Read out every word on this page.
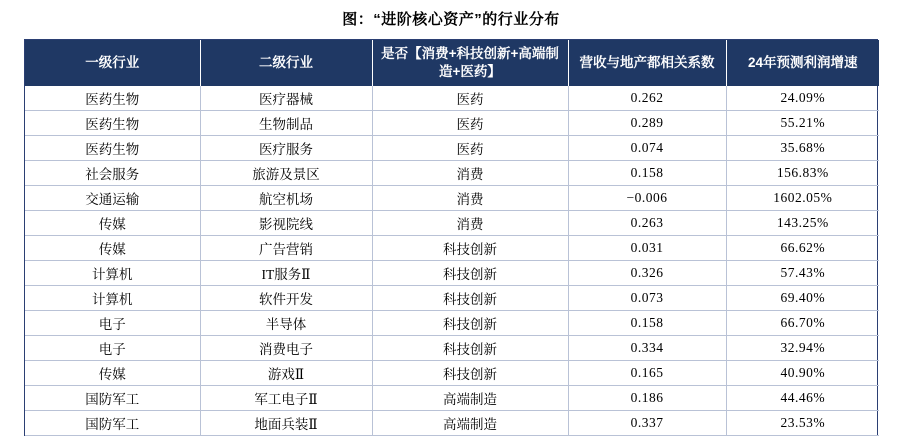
图：“进阶核心资产”的行业分布
一级行业	二级行业	是否【消费+科技创新+高端制造+医药】	营收与地产都相关系数	24年预测利润增速
医药生物	医疗器械	医药	0.262	24.09%
医药生物	生物制品	医药	0.289	55.21%
医药生物	医疗服务	医药	0.074	35.68%
社会服务	旅游及景区	消费	0.158	156.83%
交通运输	航空机场	消费	−0.006	1602.05%
传媒	影视院线	消费	0.263	143.25%
传媒	广告营销	科技创新	0.031	66.62%
计算机	IT服务Ⅱ	科技创新	0.326	57.43%
计算机	软件开发	科技创新	0.073	69.40%
电子	半导体	科技创新	0.158	66.70%
电子	消费电子	科技创新	0.334	32.94%
传媒	游戏Ⅱ	科技创新	0.165	40.90%
国防军工	军工电子Ⅱ	高端制造	0.186	44.46%
国防军工	地面兵装Ⅱ	高端制造	0.337	23.53%
